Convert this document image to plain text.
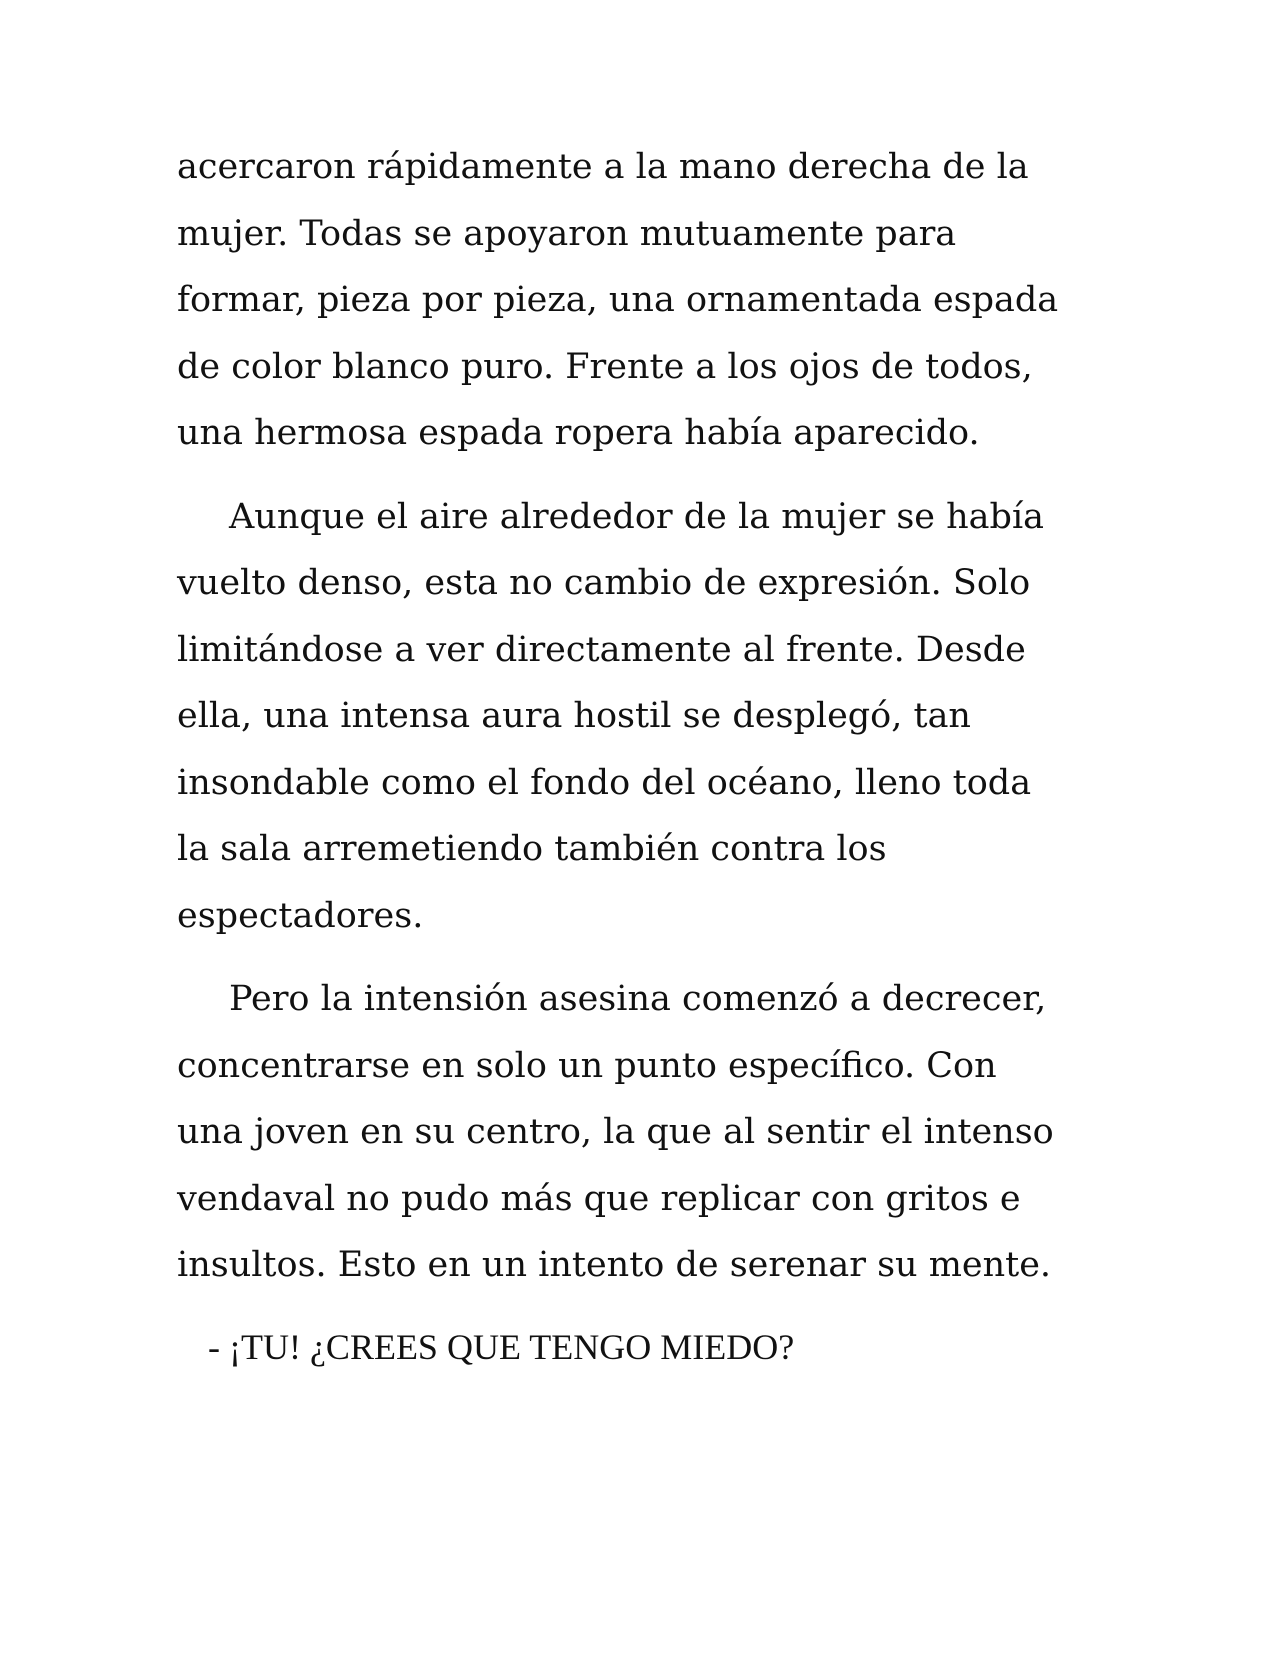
acercaron rápidamente a la mano derecha de la
mujer. Todas se apoyaron mutuamente para
formar, pieza por pieza, una ornamentada espada
de color blanco puro. Frente a los ojos de todos,
una hermosa espada ropera había aparecido.
Aunque el aire alrededor de la mujer se había
vuelto denso, esta no cambio de expresión. Solo
limitándose a ver directamente al frente. Desde
ella, una intensa aura hostil se desplegó, tan
insondable como el fondo del océano, lleno toda
la sala arremetiendo también contra los
espectadores.
Pero la intensión asesina comenzó a decrecer,
concentrarse en solo un punto específico. Con
una joven en su centro, la que al sentir el intenso
vendaval no pudo más que replicar con gritos e
insultos. Esto en un intento de serenar su mente.
- ¡TU! ¿CREES QUE TENGO MIEDO?
